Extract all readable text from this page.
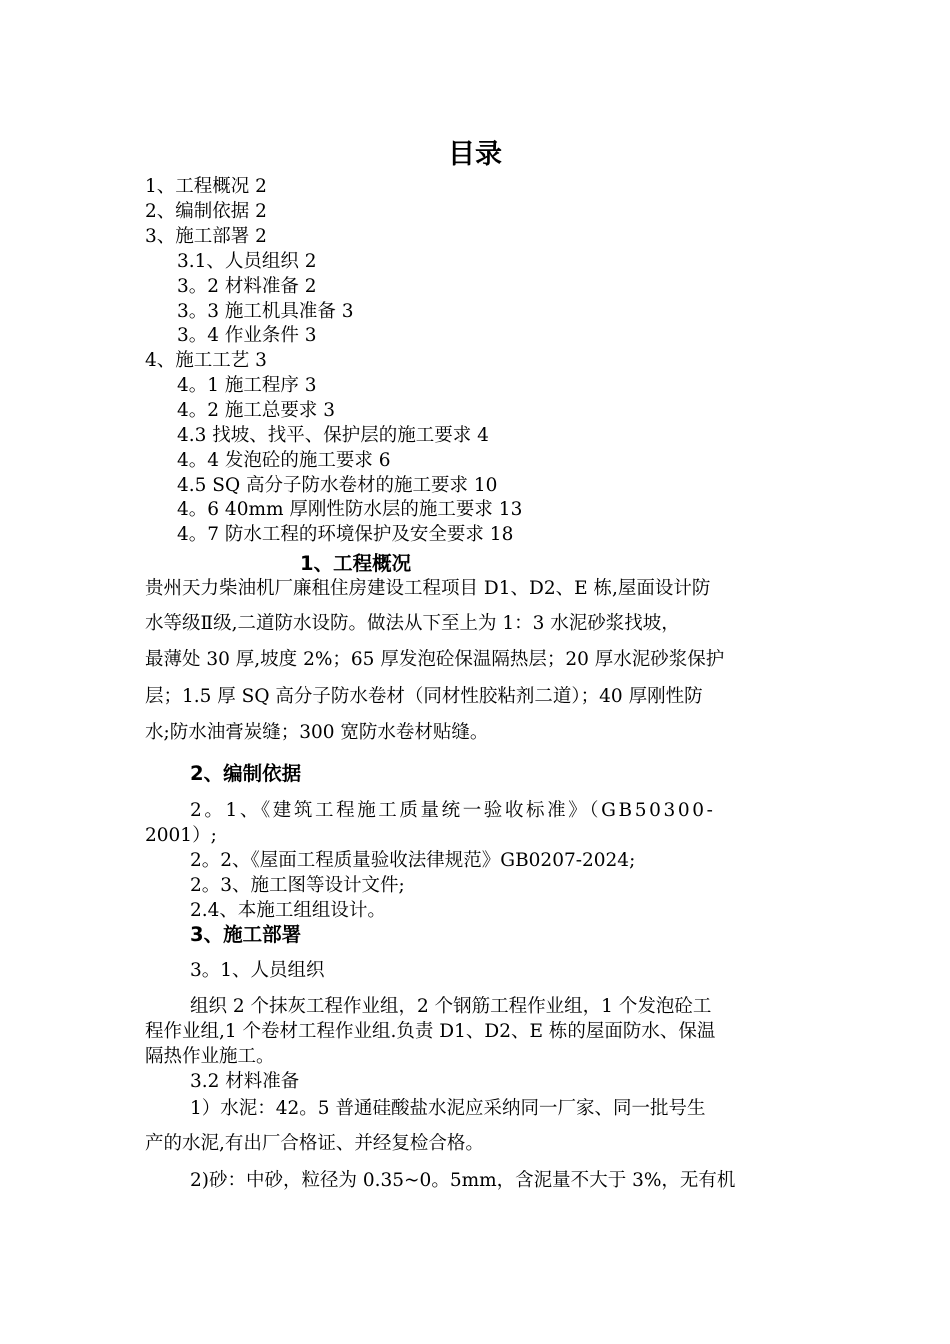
目录
1、工程概况 2
2、编制依据 2
3、施工部署 2
3.1、人员组织 2
3。2 材料准备 2
3。3 施工机具准备 3
3。4 作业条件 3
4、施工工艺 3
4。1 施工程序 3
4。2 施工总要求 3
4.3 找坡、找平、保护层的施工要求 4
4。4 发泡砼的施工要求 6
4.5 SQ 高分子防水卷材的施工要求 10
4。6 40mm 厚刚性防水层的施工要求 13
4。7 防水工程的环境保护及安全要求 18
1、工程概况
贵州天力柴油机厂廉租住房建设工程项目 D1、D2、E 栋,屋面设计防
水等级Ⅱ级,二道防水设防。做法从下至上为 1：3 水泥砂浆找坡，
最薄处 30 厚,坡度 2%；65 厚发泡砼保温隔热层；20 厚水泥砂浆保护
层；1.5 厚 SQ 高分子防水卷材（同材性胶粘剂二道）；40 厚刚性防
水;防水油膏炭缝；300 宽防水卷材贴缝。
2、编制依据
2。1、《建筑工程施工质量统一验收标准》（GB50300-
2001）;
2。2、《屋面工程质量验收法律规范》GB0207-2024;
2。3、施工图等设计文件;
2.4、本施工组组设计。
3、施工部署
3。1、人员组织
组织 2 个抹灰工程作业组，2 个钢筋工程作业组，1 个发泡砼工
程作业组,1 个卷材工程作业组.负责 D1、D2、E 栋的屋面防水、保温
隔热作业施工。
3.2 材料准备
1）水泥：42。5 普通硅酸盐水泥应采纳同一厂家、同一批号生
产的水泥,有出厂合格证、并经复检合格。
2)砂：中砂，粒径为 0.35~0。5mm，含泥量不大于 3%，无有机
